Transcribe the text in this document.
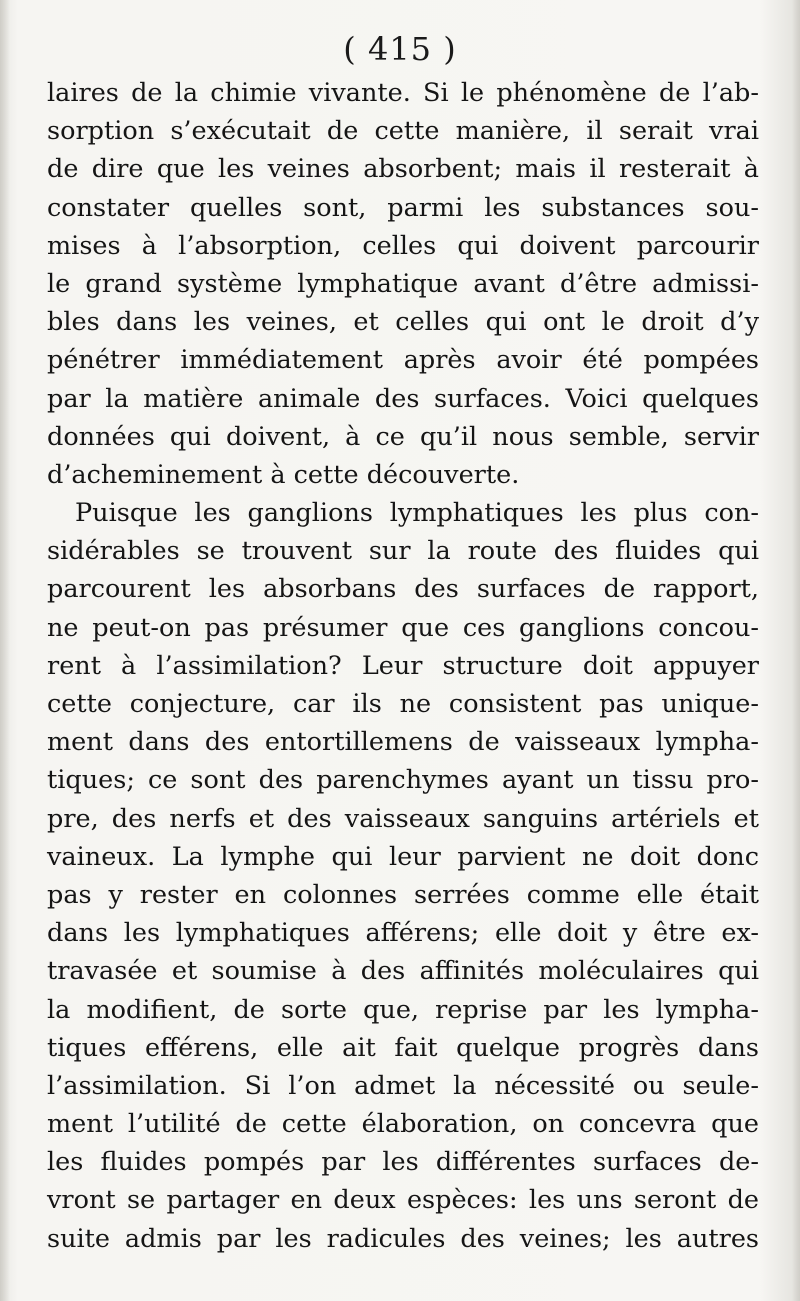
( 415 )
laires de la chimie vivante. Si le phénomène de l’ab-
sorption s’exécutait de cette manière, il serait vrai
de dire que les veines absorbent; mais il resterait à
constater quelles sont, parmi les substances sou-
mises à l’absorption, celles qui doivent parcourir
le grand système lymphatique avant d’être admissi-
bles dans les veines, et celles qui ont le droit d’y
pénétrer immédiatement après avoir été pompées
par la matière animale des surfaces. Voici quelques
données qui doivent, à ce qu’il nous semble, servir
d’acheminement à cette découverte.
Puisque les ganglions lymphatiques les plus con-
sidérables se trouvent sur la route des fluides qui
parcourent les absorbans des surfaces de rapport,
ne peut-on pas présumer que ces ganglions concou-
rent à l’assimilation? Leur structure doit appuyer
cette conjecture, car ils ne consistent pas unique-
ment dans des entortillemens de vaisseaux lympha-
tiques; ce sont des parenchymes ayant un tissu pro-
pre, des nerfs et des vaisseaux sanguins artériels et
vaineux. La lymphe qui leur parvient ne doit donc
pas y rester en colonnes serrées comme elle était
dans les lymphatiques afférens; elle doit y être ex-
travasée et soumise à des affinités moléculaires qui
la modifient, de sorte que, reprise par les lympha-
tiques efférens, elle ait fait quelque progrès dans
l’assimilation. Si l’on admet la nécessité ou seule-
ment l’utilité de cette élaboration, on concevra que
les fluides pompés par les différentes surfaces de-
vront se partager en deux espèces: les uns seront de
suite admis par les radicules des veines; les autres
